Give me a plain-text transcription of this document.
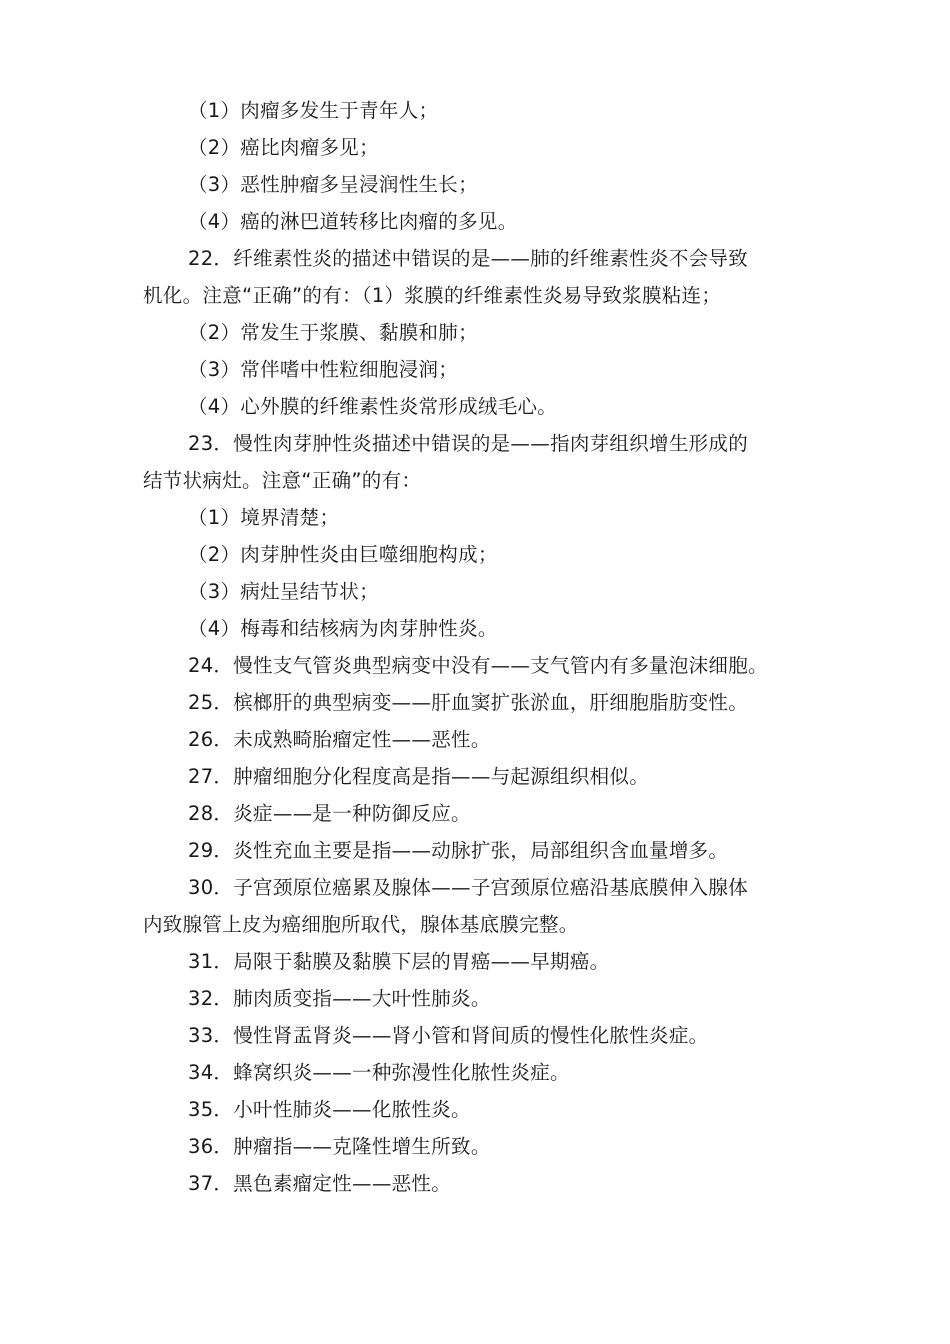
（1）肉瘤多发生于青年人；

（2）癌比肉瘤多见；

（3）恶性肿瘤多呈浸润性生长；

（4）癌的淋巴道转移比肉瘤的多见。

22．纤维素性炎的描述中错误的是——肺的纤维素性炎不会导致

机化。注意“正确”的有：（1）浆膜的纤维素性炎易导致浆膜粘连；

（2）常发生于浆膜、黏膜和肺；

（3）常伴嗜中性粒细胞浸润；

（4）心外膜的纤维素性炎常形成绒毛心。

23．慢性肉芽肿性炎描述中错误的是——指肉芽组织增生形成的

结节状病灶。注意“正确”的有：

（1）境界清楚；

（2）肉芽肿性炎由巨噬细胞构成；

（3）病灶呈结节状；

（4）梅毒和结核病为肉芽肿性炎。

24．慢性支气管炎典型病变中没有——支气管内有多量泡沫细胞。

25．槟榔肝的典型病变——肝血窦扩张淤血，肝细胞脂肪变性。

26．未成熟畸胎瘤定性——恶性。

27．肿瘤细胞分化程度高是指——与起源组织相似。

28．炎症——是一种防御反应。

29．炎性充血主要是指——动脉扩张，局部组织含血量增多。

30．子宫颈原位癌累及腺体——子宫颈原位癌沿基底膜伸入腺体

内致腺管上皮为癌细胞所取代，腺体基底膜完整。

31．局限于黏膜及黏膜下层的胃癌——早期癌。

32．肺肉质变指——大叶性肺炎。

33．慢性肾盂肾炎——肾小管和肾间质的慢性化脓性炎症。

34．蜂窝织炎——一种弥漫性化脓性炎症。

35．小叶性肺炎——化脓性炎。

36．肿瘤指——克隆性增生所致。

37．黑色素瘤定性——恶性。
